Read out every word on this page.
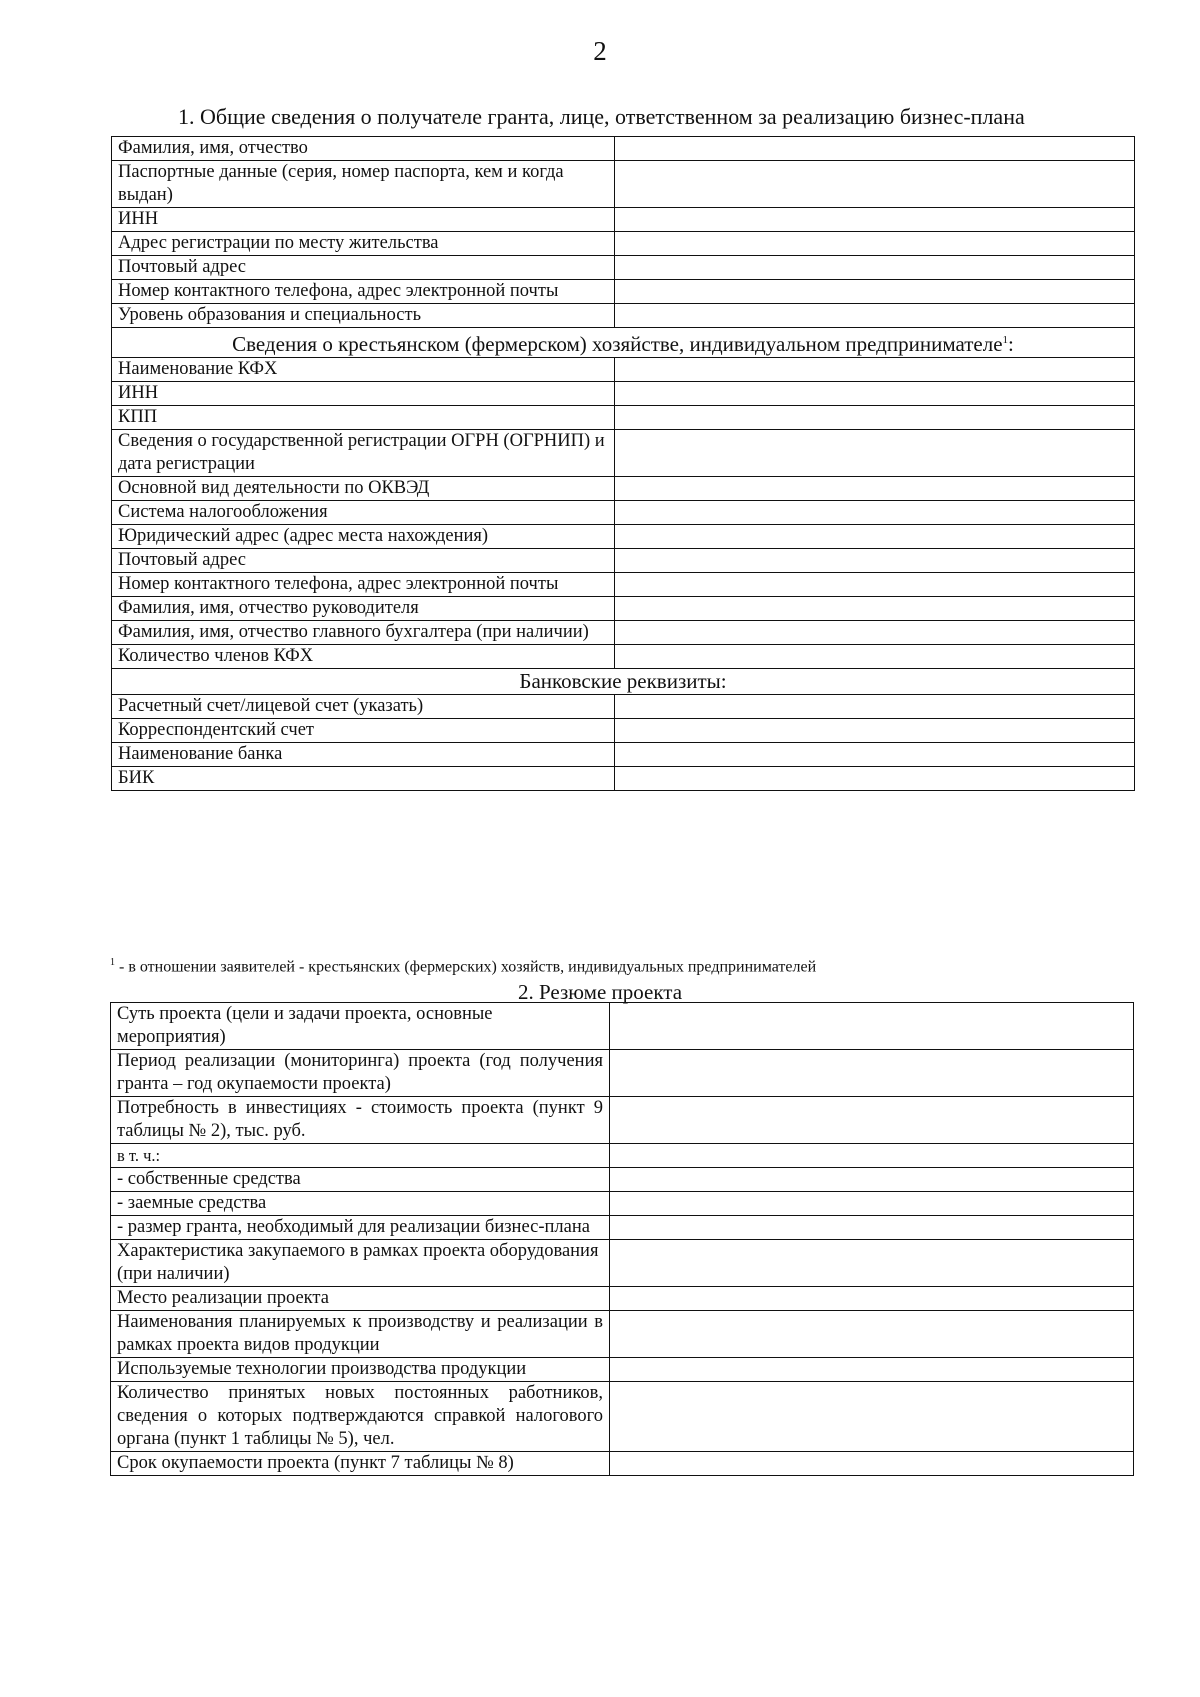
2
1. Общие сведения о получателе гранта, лице, ответственном за реализацию бизнес-плана
Фамилия, имя, отчество	
Паспортные данные (серия, номер паспорта, кем и когда выдан)	
ИНН	
Адрес регистрации по месту жительства	
Почтовый адрес	
Номер контактного телефона, адрес электронной почты	
Уровень образования и специальность	
Сведения о крестьянском (фермерском) хозяйстве, индивидуальном предпринимателе$^1$:	
Наименование КФХ	
ИНН	
КПП	
Сведения о государственной регистрации ОГРН (ОГРНИП) и дата регистрации	
Основной вид деятельности по ОКВЭД	
Система налогообложения	
Юридический адрес (адрес места нахождения)	
Почтовый адрес	
Номер контактного телефона, адрес электронной почты	
Фамилия, имя, отчество руководителя	
Фамилия, имя, отчество главного бухгалтера (при наличии)	
Количество членов КФХ	
Банковские реквизиты:	
Расчетный счет/лицевой счет (указать)	
Корреспондентский счет	
Наименование банка	
БИК	
$^1$ - в отношении заявителей - крестьянских (фермерских) хозяйств, индивидуальных предпринимателей
2. Резюме проекта
Суть проекта (цели и задачи проекта, основные мероприятия)	
Период реализации (мониторинга) проекта (год получения гранта – год окупаемости проекта)	
Потребность в инвестициях - стоимость проекта (пункт 9 таблицы № 2), тыс. руб.	
в т. ч.:	
- собственные средства	
- заемные средства	
- размер гранта, необходимый для реализации бизнес-плана	
Характеристика закупаемого в рамках проекта оборудования (при наличии)	
Место реализации проекта	
Наименования планируемых к производству и реализации в рамках проекта видов продукции	
Используемые технологии производства продукции	
Количество принятых новых постоянных работников, сведения о которых подтверждаются справкой налогового органа (пункт 1 таблицы № 5), чел.	
Срок окупаемости проекта (пункт 7 таблицы № 8)	
